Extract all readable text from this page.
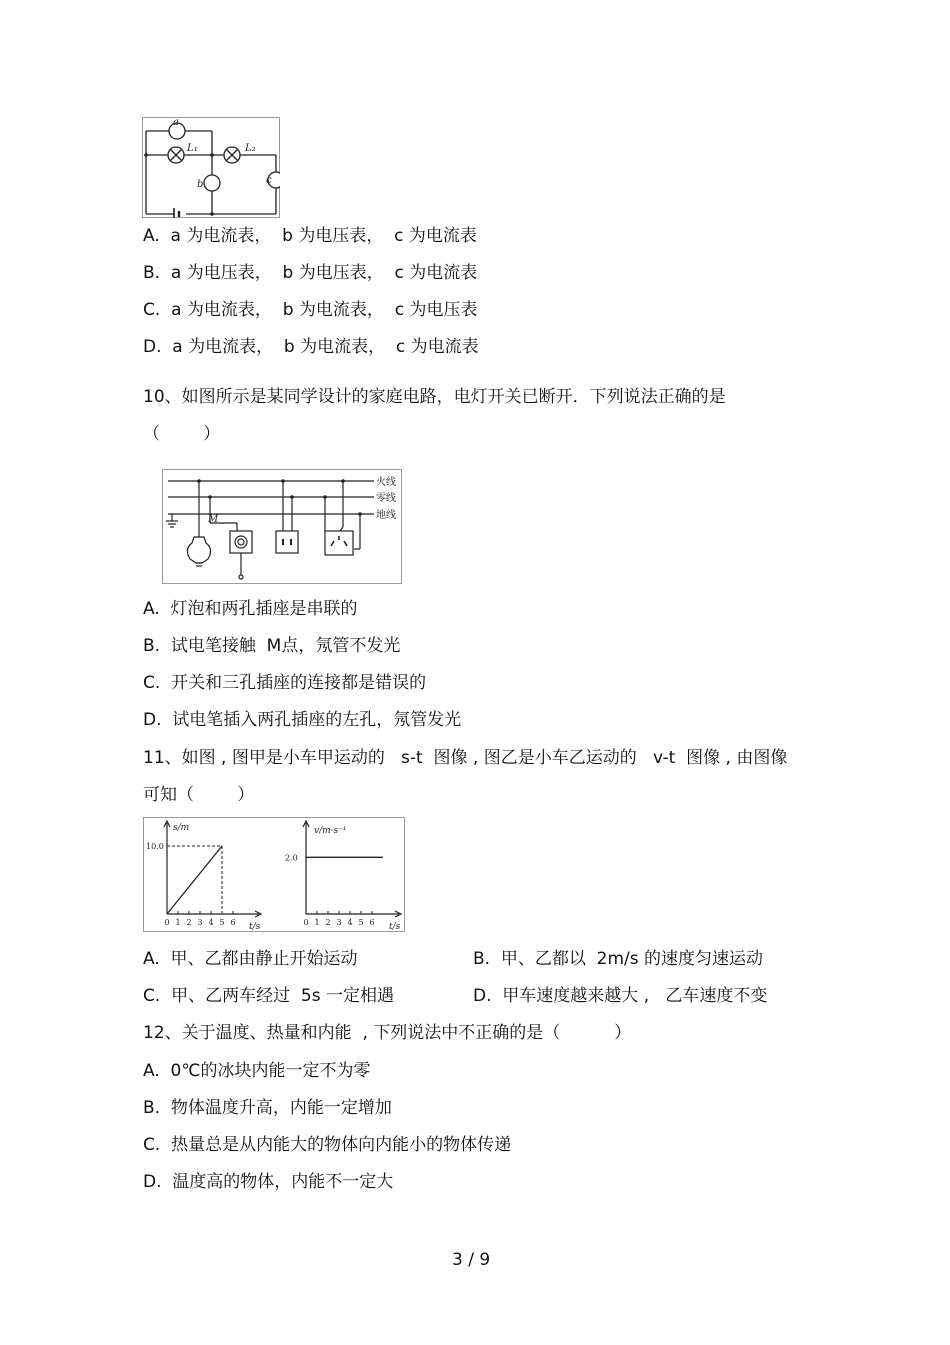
a
b	c
L₁	L₂
A.  a 为电流表，  b 为电压表，  c 为电流表
B.  a 为电压表，  b 为电压表，  c 为电流表
C.  a 为电流表，  b 为电流表，  c 为电压表
D.  a 为电流表，  b 为电流表，  c 为电流表
10、如图所示是某同学设计的家庭电路，电灯开关已断开．下列说法正确的是
（        ）
火线
零线
地线
M
A.  灯泡和两孔插座是串联的
B.  试电笔接触  M点，氖管不发光
C.  开关和三孔插座的连接都是错误的
D.  试电笔插入两孔插座的左孔，氖管发光
11、如图 , 图甲是小车甲运动的   s-t  图像 , 图乙是小车乙运动的   v-t  图像 , 由图像
可知（        ）
0 1 2 3 4 5 6
10.0
s/m
t/s	0 1 2 3 4 5 6
2.0
v/m·s⁻¹
t/s
A.  甲、乙都由静止开始运动	B.  甲、乙都以  2m/s 的速度匀速运动
C.  甲、乙两车经过  5s 一定相遇	D.  甲车速度越来越大 ,   乙车速度不变
12、关于温度、热量和内能  , 下列说法中不正确的是（          ）
A.  0℃的冰块内能一定不为零
B.  物体温度升高，内能一定增加
C.  热量总是从内能大的物体向内能小的物体传递
D.  温度高的物体，内能不一定大
3 / 9
